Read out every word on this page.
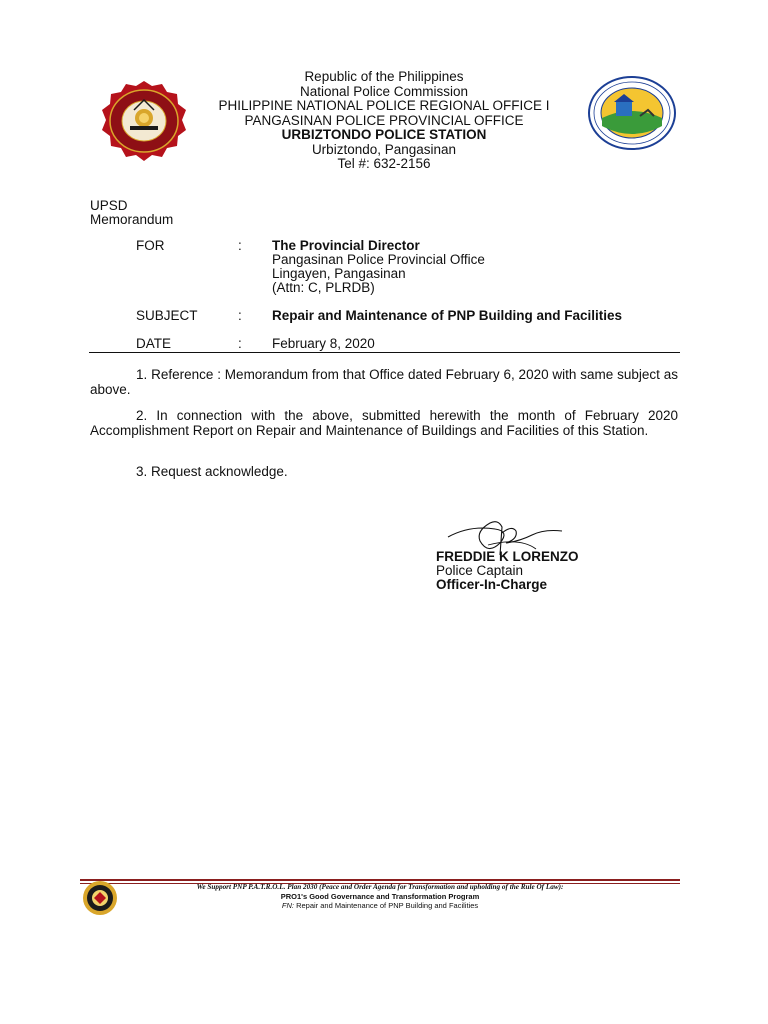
Republic of the Philippines
National Police Commission
PHILIPPINE NATIONAL POLICE REGIONAL OFFICE I
PANGASINAN POLICE PROVINCIAL OFFICE
URBIZTONDO POLICE STATION
Urbiztondo, Pangasinan
Tel #: 632-2156
UPSD
Memorandum
FOR	: The Provincial Director
Pangasinan Police Provincial Office
Lingayen, Pangasinan
(Attn: C, PLRDB)
SUBJECT	: Repair and Maintenance of PNP Building and Facilities
DATE	: February 8, 2020
1. Reference : Memorandum from that Office dated February 6, 2020 with same subject as above.
2. In connection with the above, submitted herewith the month of February 2020 Accomplishment Report on Repair and Maintenance of Buildings and Facilities of this Station.
3. Request acknowledge.
FREDDIE K LORENZO
Police Captain
Officer-In-Charge
We Support PNP P.A.T.R.O.L. Plan 2030 (Peace and Order Agenda for Transformation and upholding of the Rule Of Law):
PRO1's Good Governance and Transformation Program
FN: Repair and Maintenance of PNP Building and Facilities
